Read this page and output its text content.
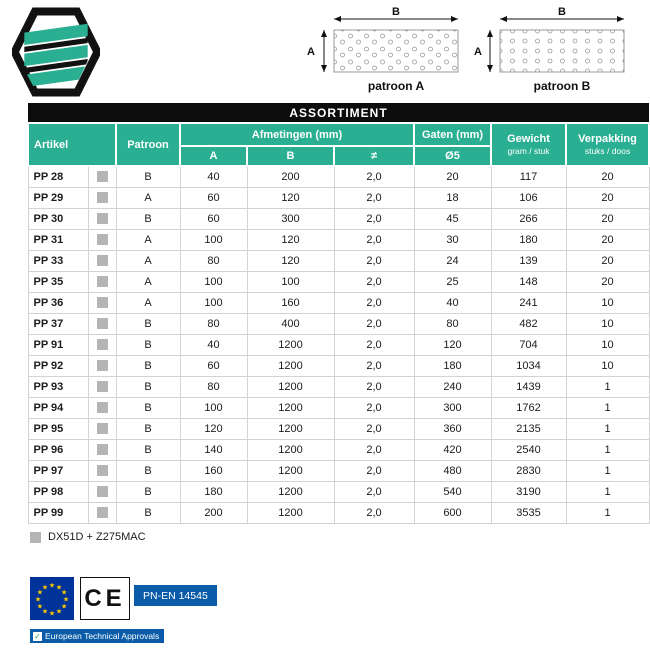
B
A
patroon A
B
A
patroon B
ASSORTIMENT								
Artikel		Patroon	Afmetingen (mm)			Gaten (mm)	Gewicht
gram / stuk	Verpakking
stuks / doos

			A	B	≠	Ø5		
PP 28		B	40	200	2,0	20	117	20
PP 29		A	60	120	2,0	18	106	20
PP 30		B	60	300	2,0	45	266	20
PP 31		A	100	120	2,0	30	180	20
PP 33		A	80	120	2,0	24	139	20
PP 35		A	100	100	2,0	25	148	20
PP 36		A	100	160	2,0	40	241	10
PP 37		B	80	400	2,0	80	482	10
PP 91		B	40	1200	2,0	120	704	10
PP 92		B	60	1200	2,0	180	1034	10
PP 93		B	80	1200	2,0	240	1439	1
PP 94		B	100	1200	2,0	300	1762	1
PP 95		B	120	1200	2,0	360	2135	1
PP 96		B	140	1200	2,0	420	2540	1
PP 97		B	160	1200	2,0	480	2830	1
PP 98		B	180	1200	2,0	540	3190	1
PP 99		B	200	1200	2,0	600	3535	1
DX51D + Z275MAC
★
★
★
★
★
★
★
★
★ ★ ★
★ CE PN-EN 14545
✓ European Technical Approvals
